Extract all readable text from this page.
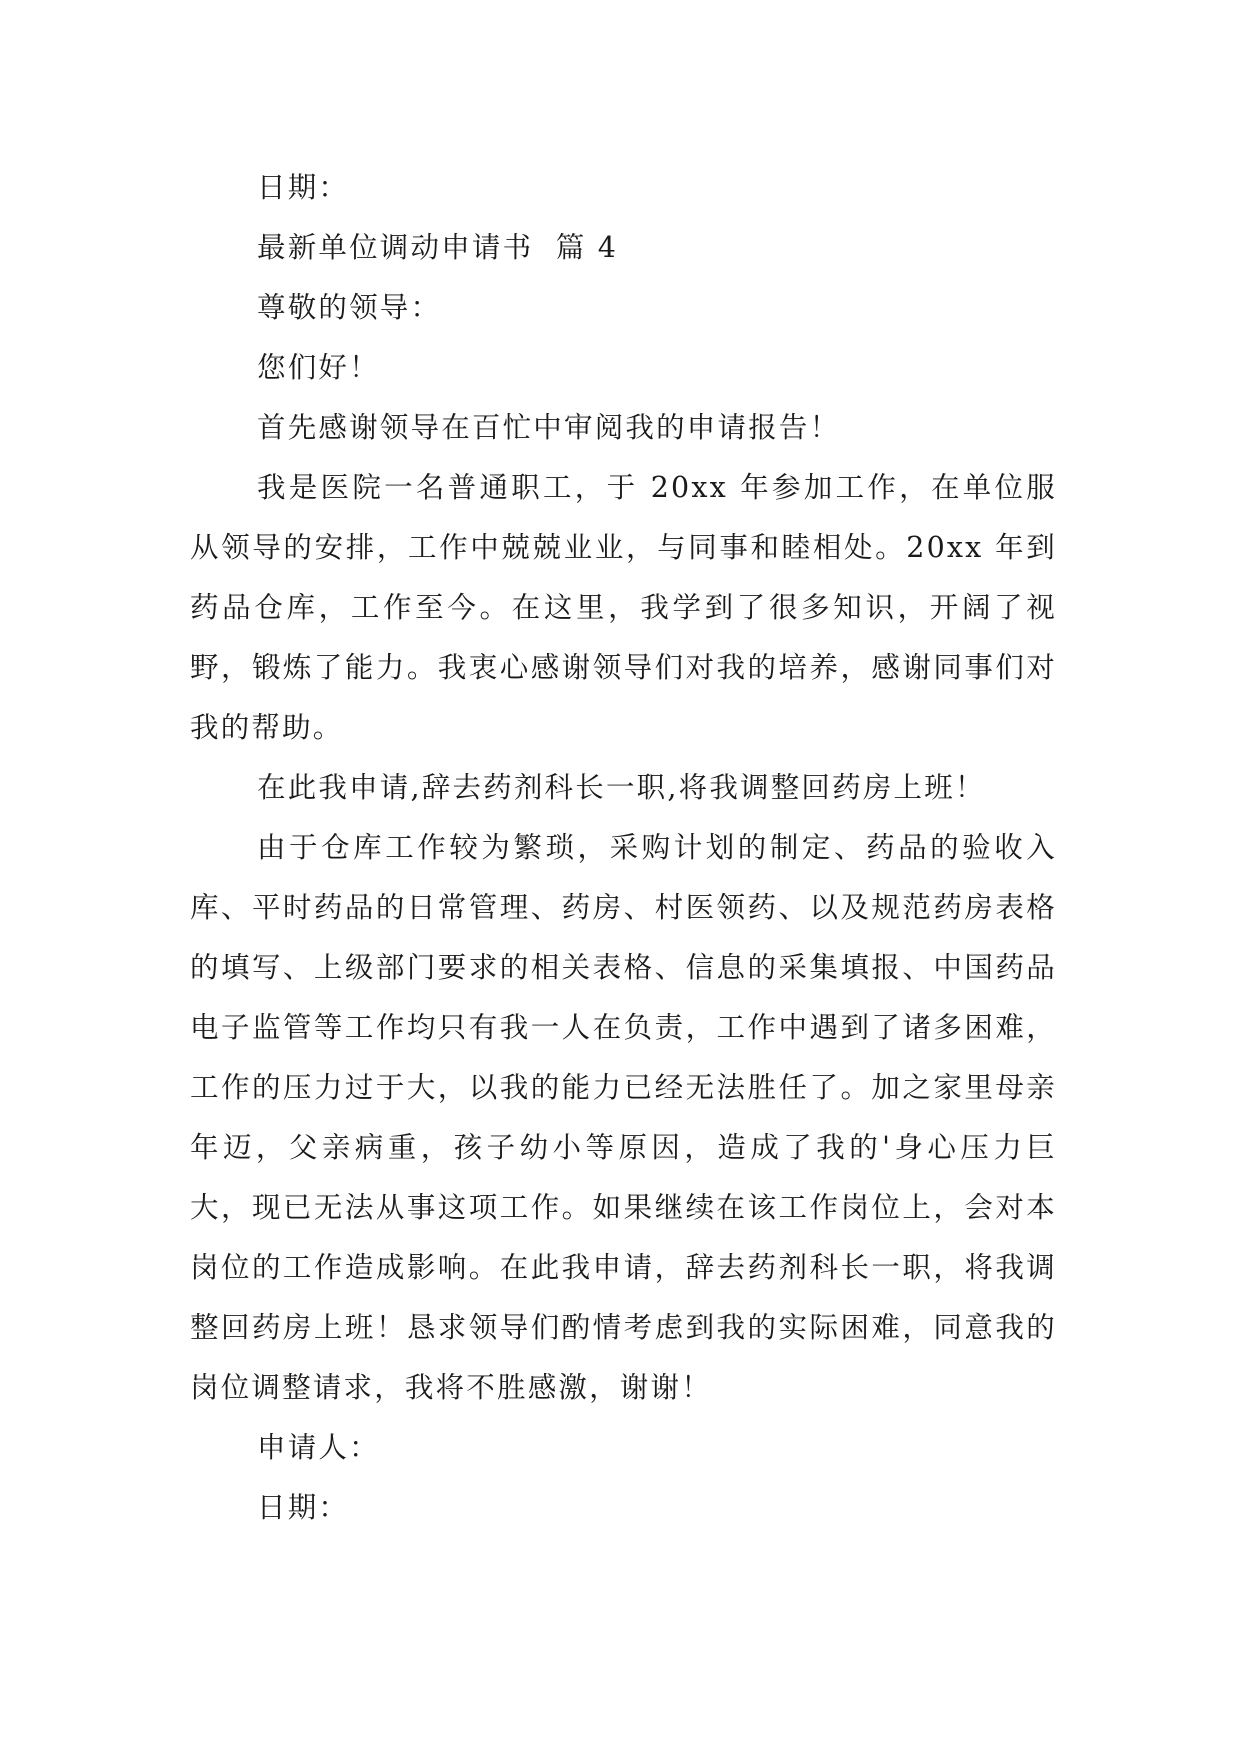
日期：

最新单位调动申请书  篇 4

尊敬的领导：

您们好！

首先感谢领导在百忙中审阅我的申请报告！

我是医院一名普通职工，于 20xx 年参加工作，在单位服从领导的安排，工作中兢兢业业，与同事和睦相处。20xx 年到药品仓库，工作至今。在这里，我学到了很多知识，开阔了视野，锻炼了能力。我衷心感谢领导们对我的培养，感谢同事们对我的帮助。

在此我申请,辞去药剂科长一职,将我调整回药房上班！

由于仓库工作较为繁琐，采购计划的制定、药品的验收入库、平时药品的日常管理、药房、村医领药、以及规范药房表格的填写、上级部门要求的相关表格、信息的采集填报、中国药品电子监管等工作均只有我一人在负责，工作中遇到了诸多困难，工作的压力过于大，以我的能力已经无法胜任了。加之家里母亲年迈，父亲病重，孩子幼小等原因，造成了我的'身心压力巨大，现已无法从事这项工作。如果继续在该工作岗位上，会对本岗位的工作造成影响。在此我申请，辞去药剂科长一职，将我调整回药房上班！恳求领导们酌情考虑到我的实际困难，同意我的岗位调整请求，我将不胜感激，谢谢！

申请人：

日期：
